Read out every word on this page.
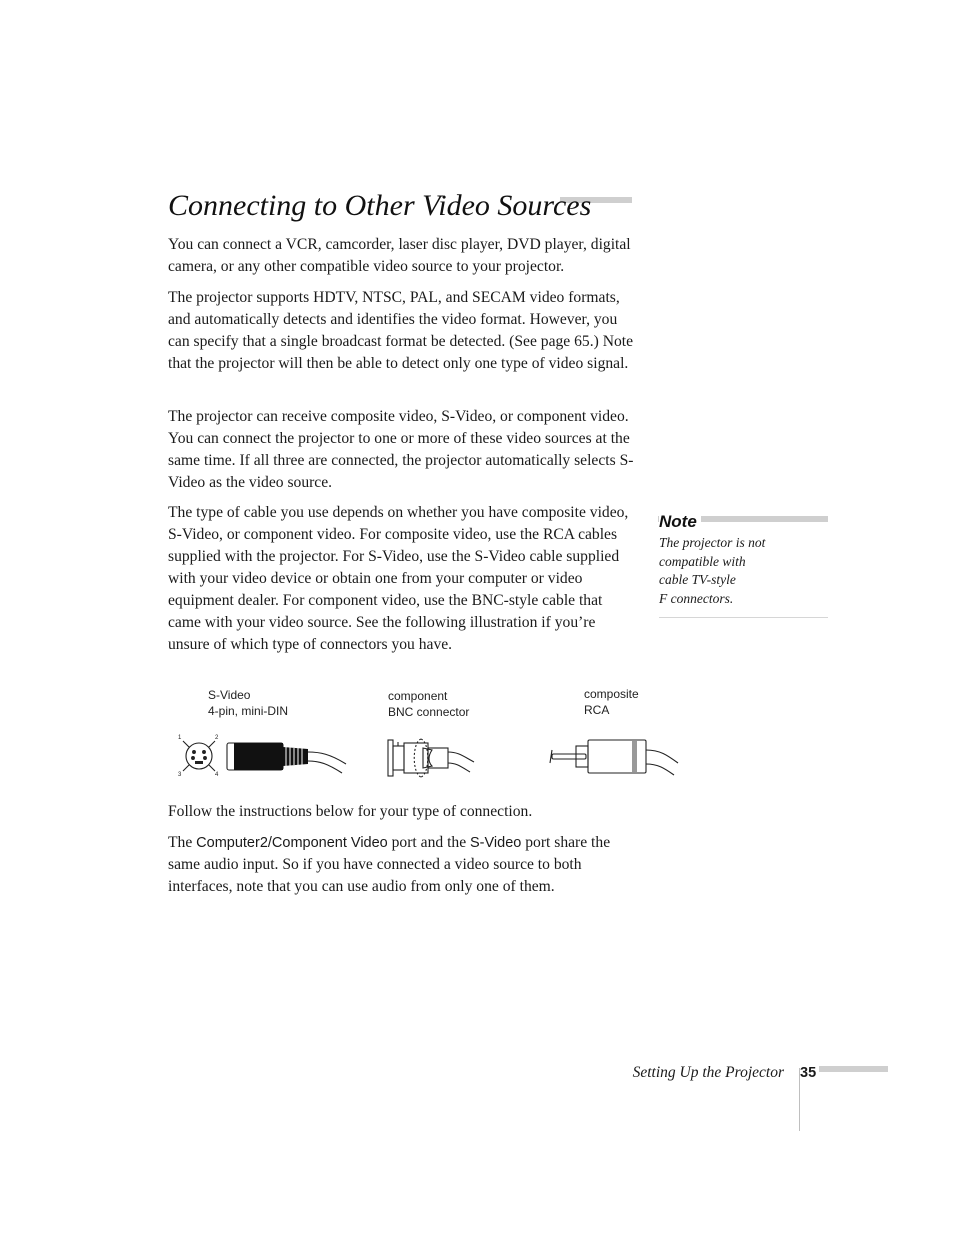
Connecting to Other Video Sources

You can connect a VCR, camcorder, laser disc player, DVD player, digital camera, or any other compatible video source to your projector.

The projector supports HDTV, NTSC, PAL, and SECAM video formats, and automatically detects and identifies the video format. However, you can specify that a single broadcast format be detected. (See page 65.) Note that the projector will then be able to detect only one type of video signal.

The projector can receive composite video, S-Video, or component video. You can connect the projector to one or more of these video sources at the same time. If all three are connected, the projector automatically selects S-Video as the video source.

The type of cable you use depends on whether you have composite video, S-Video, or component video. For composite video, use the RCA cables supplied with the projector. For S-Video, use the S-Video cable supplied with your video device or obtain one from your computer or video equipment dealer. For component video, use the BNC-style cable that came with your video source. See the following illustration if you’re unsure of which type of connectors you have.

Note
The projector is not
compatible with
cable TV-style
F connectors.
S-Video
4-pin, mini-DIN
component
BNC connector
composite
RCA
1	2
3	4

Follow the instructions below for your type of connection.

The Computer2/Component Video port and the S-Video port share the same audio input. So if you have connected a video source to both interfaces, note that you can use audio from only one of them.

Setting Up the Projector 35
